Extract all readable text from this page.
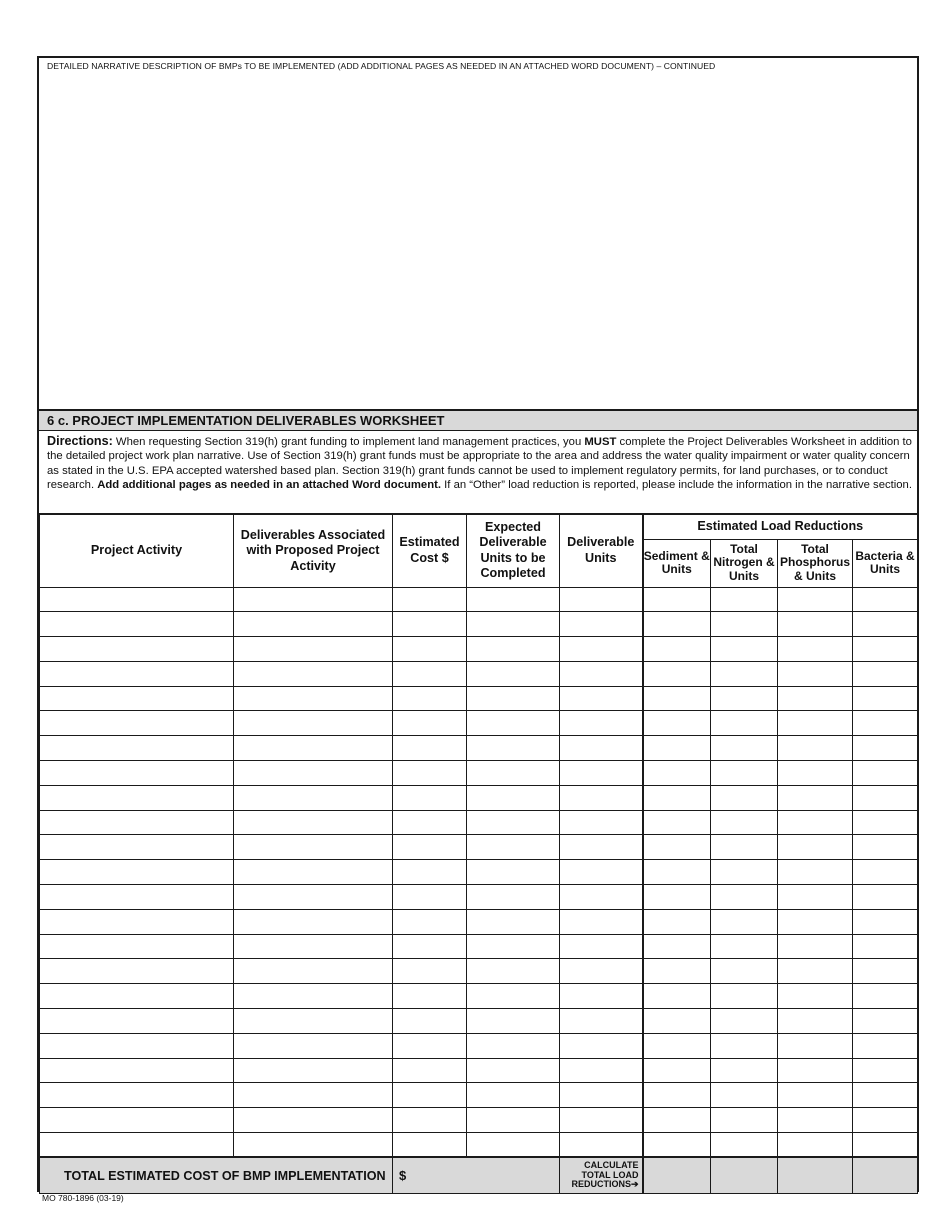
DETAILED NARRATIVE DESCRIPTION OF BMPs TO BE IMPLEMENTED (ADD ADDITIONAL PAGES AS NEEDED IN AN ATTACHED WORD DOCUMENT) – CONTINUED
6 c. PROJECT IMPLEMENTATION DELIVERABLES WORKSHEET
Directions: When requesting Section 319(h) grant funding to implement land management practices, you MUST complete the Project Deliverables Worksheet in addition to the detailed project work plan narrative. Use of Section 319(h) grant funds must be appropriate to the area and address the water quality impairment or water quality concern as stated in the U.S. EPA accepted watershed based plan. Section 319(h) grant funds cannot be used to implement regulatory permits, for land purchases, or to conduct research. Add additional pages as needed in an attached Word document. If an “Other” load reduction is reported, please include the information in the narrative section.
Project Activity	Deliverables Associated with Proposed Project Activity	Estimated Cost $	Expected Deliverable Units to be Completed	Deliverable Units	Estimated Load Reductions			
					Sediment & Units	Total Nitrogen & Units	Total Phosphorus & Units	Bacteria & Units

TOTAL ESTIMATED COST OF BMP IMPLEMENTATION		$		CALCULATE TOTAL LOAD REDUCTIONS➔				
MO 780-1896 (03-19)
